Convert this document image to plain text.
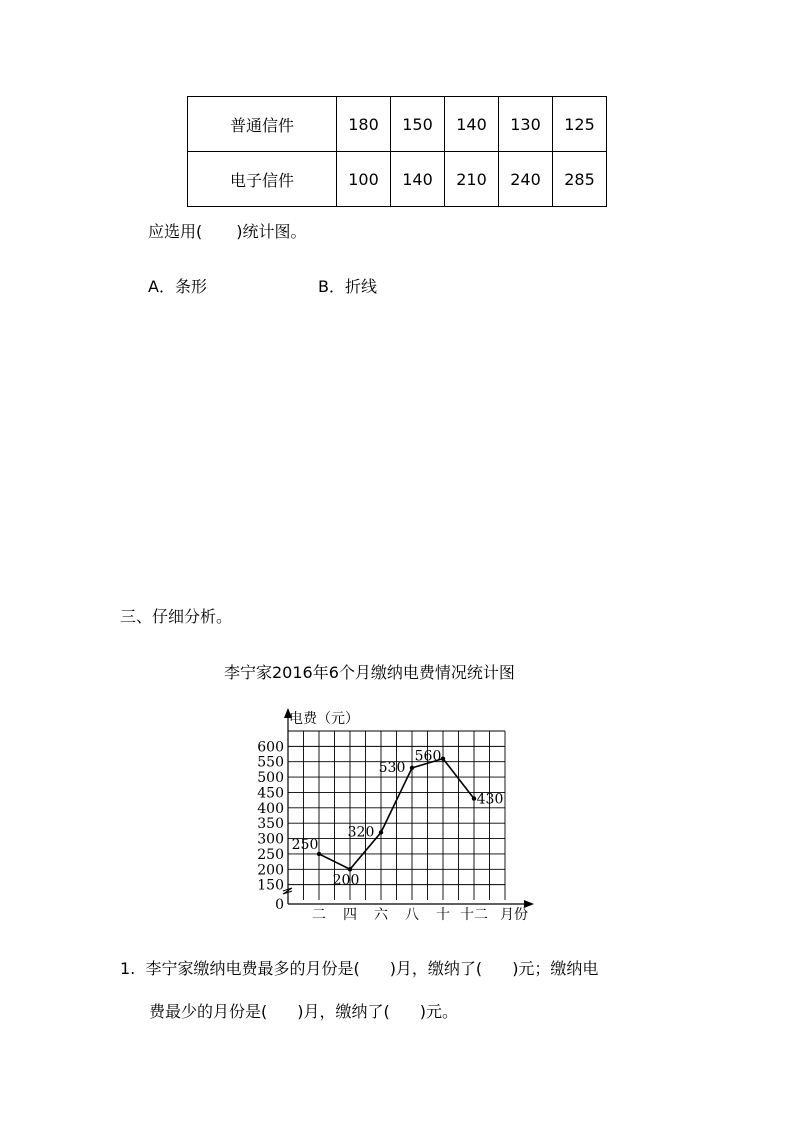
普通信件	180	150	140	130	125
电子信件	100	140	210	240	285
应选用( )统计图。
A．条形	B．折线
三、仔细分析。
李宁家2016年6个月缴纳电费情况统计图
600
550
500
450
400
350
300
250
200
150
0
二 四 六 八 十 十二
250
200
320
530
560
430
电费（元）
月份
1. 李宁家缴纳电费最多的月份是( )月，缴纳了( )元；缴纳电
费最少的月份是( )月，缴纳了( )元。
